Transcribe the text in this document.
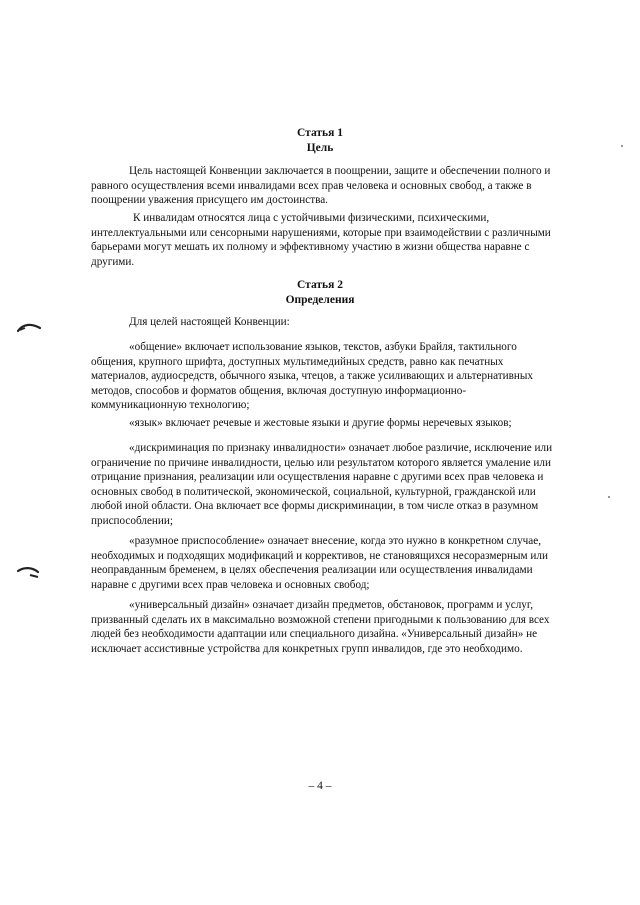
Статья 1
Цель

Цель настоящей Конвенции заключается в поощрении, защите и обеспечении полного и равного осуществления всеми инвалидами всех прав человека и основных свобод, а также в поощрении уважения присущего им достоинства.

К инвалидам относятся лица с устойчивыми физическими, психическими, интеллектуальными или сенсорными нарушениями, которые при взаимодействии с различными барьерами могут мешать их полному и эффективному участию в жизни общества наравне с другими.

Статья 2
Определения

Для целей настоящей Конвенции:

«общение» включает использование языков, текстов, азбуки Брайля, тактильного общения, крупного шрифта, доступных мультимедийных средств, равно как печатных материалов, аудиосредств, обычного языка, чтецов, а также усиливающих и альтернативных методов, способов и форматов общения, включая доступную информационно-коммуникационную технологию;

«язык» включает речевые и жестовые языки и другие формы неречевых языков;

«дискриминация по признаку инвалидности» означает любое различие, исключение или ограничение по причине инвалидности, целью или результатом которого является умаление или отрицание признания, реализации или осуществления наравне с другими всех прав человека и основных свобод в политической, экономической, социальной, культурной, гражданской или любой иной области. Она включает все формы дискриминации, в том числе отказ в разумном приспособлении;

«разумное приспособление» означает внесение, когда это нужно в конкретном случае, необходимых и подходящих модификаций и коррективов, не становящихся несоразмерным или неоправданным бременем, в целях обеспечения реализации или осуществления инвалидами наравне с другими всех прав человека и основных свобод;

«универсальный дизайн» означает дизайн предметов, обстановок, программ и услуг, призванный сделать их в максимально возможной степени пригодными к пользованию для всех людей без необходимости адаптации или специального дизайна. «Универсальный дизайн» не исключает ассистивные устройства для конкретных групп инвалидов, где это необходимо.

– 4 –
